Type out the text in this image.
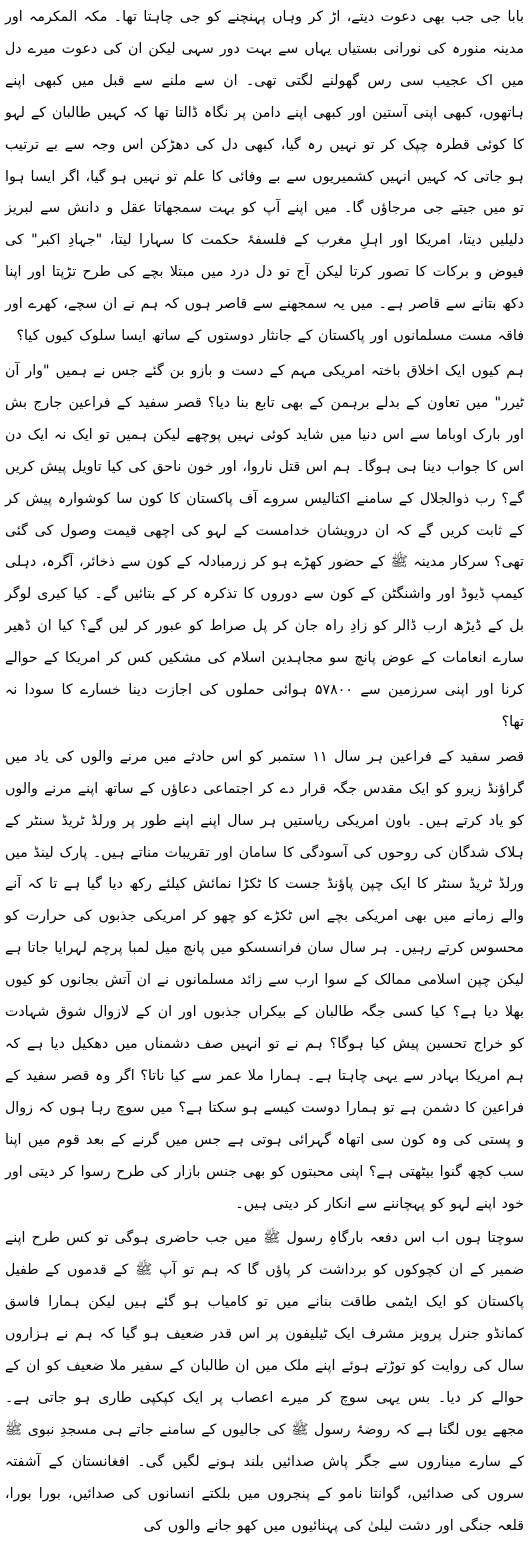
بابا جی جب بھی دعوت دیتے، اڑ کر وہاں پہنچنے کو جی چاہتا تھا۔ مکہ المکرمہ اور مدینہ منورہ کی نورانی بستیاں یہاں سے بہت دور سہی لیکن ان کی دعوت میرے دل میں اک عجیب سی رس گھولنے لگتی تھی۔ ان سے ملنے سے قبل میں کبھی اپنے ہاتھوں، کبھی اپنی آستین اور کبھی اپنے دامن پر نگاہ ڈالتا تھا کہ کہیں طالبان کے لہو کا کوئی قطرہ چپک کر تو نہیں رہ گیا، کبھی دل کی دھڑکن اس وجہ سے بے ترتیب ہو جاتی کہ کہیں انہیں کشمیریوں سے بے وفائی کا علم تو نہیں ہو گیا، اگر ایسا ہوا تو میں جیتے جی مرجاؤں گا۔ میں اپنے آپ کو بہت سمجھاتا عقل و دانش سے لبریز دلیلیں دیتا، امریکا اور اہلِ مغرب کے فلسفۂ حکمت کا سہارا لیتا، "جہادِ اکبر" کی فیوض و برکات کا تصور کرتا لیکن آج تو دل درد میں مبتلا بچے کی طرح تڑپتا اور اپنا دکھ بتانے سے قاصر ہے۔ میں یہ سمجھنے سے قاصر ہوں کہ ہم نے ان سچے، کھرے اور فاقہ مست مسلمانوں اور پاکستان کے جانثار دوستوں کے ساتھ ایسا سلوک کیوں کیا؟

ہم کیوں ایک اخلاق باختہ امریکی مہم کے دست و بازو بن گئے جس نے ہمیں "وار آن ٹیرر" میں تعاون کے بدلے برہمن کے بھی تابع بنا دیا؟ قصر سفید کے فراعین جارج بش اور بارک اوباما سے اس دنیا میں شاید کوئی نہیں پوچھے لیکن ہمیں تو ایک نہ ایک دن اس کا جواب دینا ہی ہوگا۔ ہم اس قتل ناروا، اور خون ناحق کی کیا تاویل پیش کریں گے؟ رب ذوالجلال کے سامنے اکتالیس سروے آف پاکستان کا کون سا کوشوارہ پیش کر کے ثابت کریں گے کہ ان درویشان خدامست کے لہو کی اچھی قیمت وصول کی گئی تھی؟ سرکار مدینہ ﷺ کے حضور کھڑے ہو کر زرمبادلہ کے کون سے ذخائر، آگرہ، دہلی کیمپ ڈیوڈ اور واشنگٹن کے کون سے دوروں کا تذکرہ کر کے بتائیں گے۔ کیا کیری لوگر بل کے ڈیڑھ ارب ڈالر کو زادِ راہ جان کر پل صراط کو عبور کر لیں گے؟ کیا ان ڈھیر سارے انعامات کے عوض پانچ سو مجاہدین اسلام کی مشکیں کس کر امریکا کے حوالے کرنا اور اپنی سرزمین سے ۵۷۸۰۰ ہوائی حملوں کی اجازت دینا خسارے کا سودا نہ تھا؟

قصر سفید کے فراعین ہر سال ۱۱ ستمبر کو اس حادثے میں مرنے والوں کی یاد میں گراؤنڈ زیرو کو ایک مقدس جگہ قرار دے کر اجتماعی دعاؤں کے ساتھ اپنے مرنے والوں کو یاد کرتے ہیں۔ باون امریکی ریاستیں ہر سال اپنے اپنے طور پر ورلڈ ٹریڈ سنٹر کے ہلاک شدگان کی روحوں کی آسودگی کا سامان اور تقریبات مناتے ہیں۔ پارک لینڈ میں ورلڈ ٹریڈ سنٹر کا ایک چپن پاؤنڈ جست کا ٹکڑا نمائش کیلئے رکھ دیا گیا ہے تا کہ آنے والے زمانے میں بھی امریکی بچے اس ٹکڑے کو چھو کر امریکی جذبوں کی حرارت کو محسوس کرتے رہیں۔ ہر سال سان فرانسسکو میں پانچ میل لمبا پرچم لہرایا جاتا ہے لیکن چپن اسلامی ممالک کے سوا ارب سے زائد مسلمانوں نے ان آتش بجانوں کو کیوں بھلا دیا ہے؟ کیا کسی جگہ طالبان کے بیکراں جذبوں اور ان کے لازوال شوق شہادت کو خراج تحسین پیش کیا ہوگا؟ ہم نے تو انہیں صف دشمناں میں دھکیل دیا ہے کہ ہم امریکا بہادر سے یہی چاہتا ہے۔ ہمارا ملا عمر سے کیا ناتا؟ اگر وہ قصر سفید کے فراعین کا دشمن ہے تو ہمارا دوست کیسے ہو سکتا ہے؟ میں سوچ رہا ہوں کہ زوال و پستی کی وہ کون سی اتھاہ گہرائی ہوتی ہے جس میں گرنے کے بعد قوم میں اپنا سب کچھ گنوا بیٹھتی ہے؟ اپنی محبتوں کو بھی جنس بازار کی طرح رسوا کر دیتی اور خود اپنے لہو کو پہچاننے سے انکار کر دیتی ہیں۔

سوچتا ہوں اب اس دفعہ بارگاہِ رسول ﷺ میں جب حاضری ہوگی تو کس طرح اپنے ضمیر کے ان کچوکوں کو برداشت کر پاؤں گا کہ ہم تو آپ ﷺ کے قدموں کے طفیل پاکستان کو ایک ایٹمی طاقت بنانے میں تو کامیاب ہو گئے ہیں لیکن ہمارا فاسق کمانڈو جنرل پرویز مشرف ایک ٹیلیفون پر اس قدر ضعیف ہو گیا کہ ہم نے ہزاروں سال کی روایت کو توڑتے ہوئے اپنے ملک میں ان طالبان کے سفیر ملا ضعیف کو ان کے حوالے کر دیا۔ بس یہی سوچ کر میرے اعصاب پر ایک کپکپی طاری ہو جاتی ہے۔ مجھے یوں لگتا ہے کہ روضۂ رسول ﷺ کی جالیوں کے سامنے جاتے ہی مسجدِ نبوی ﷺ کے سارے میناروں سے جگر پاش صدائیں بلند ہونے لگیں گی۔ افغانستان کے آشفتہ سروں کی صدائیں، گوانتا نامو کے پنجروں میں بلکتے انسانوں کی صدائیں، بورا بورا، قلعہ جنگی اور دشت لیلیٰ کی پہنائیوں میں کھو جانے والوں کی
